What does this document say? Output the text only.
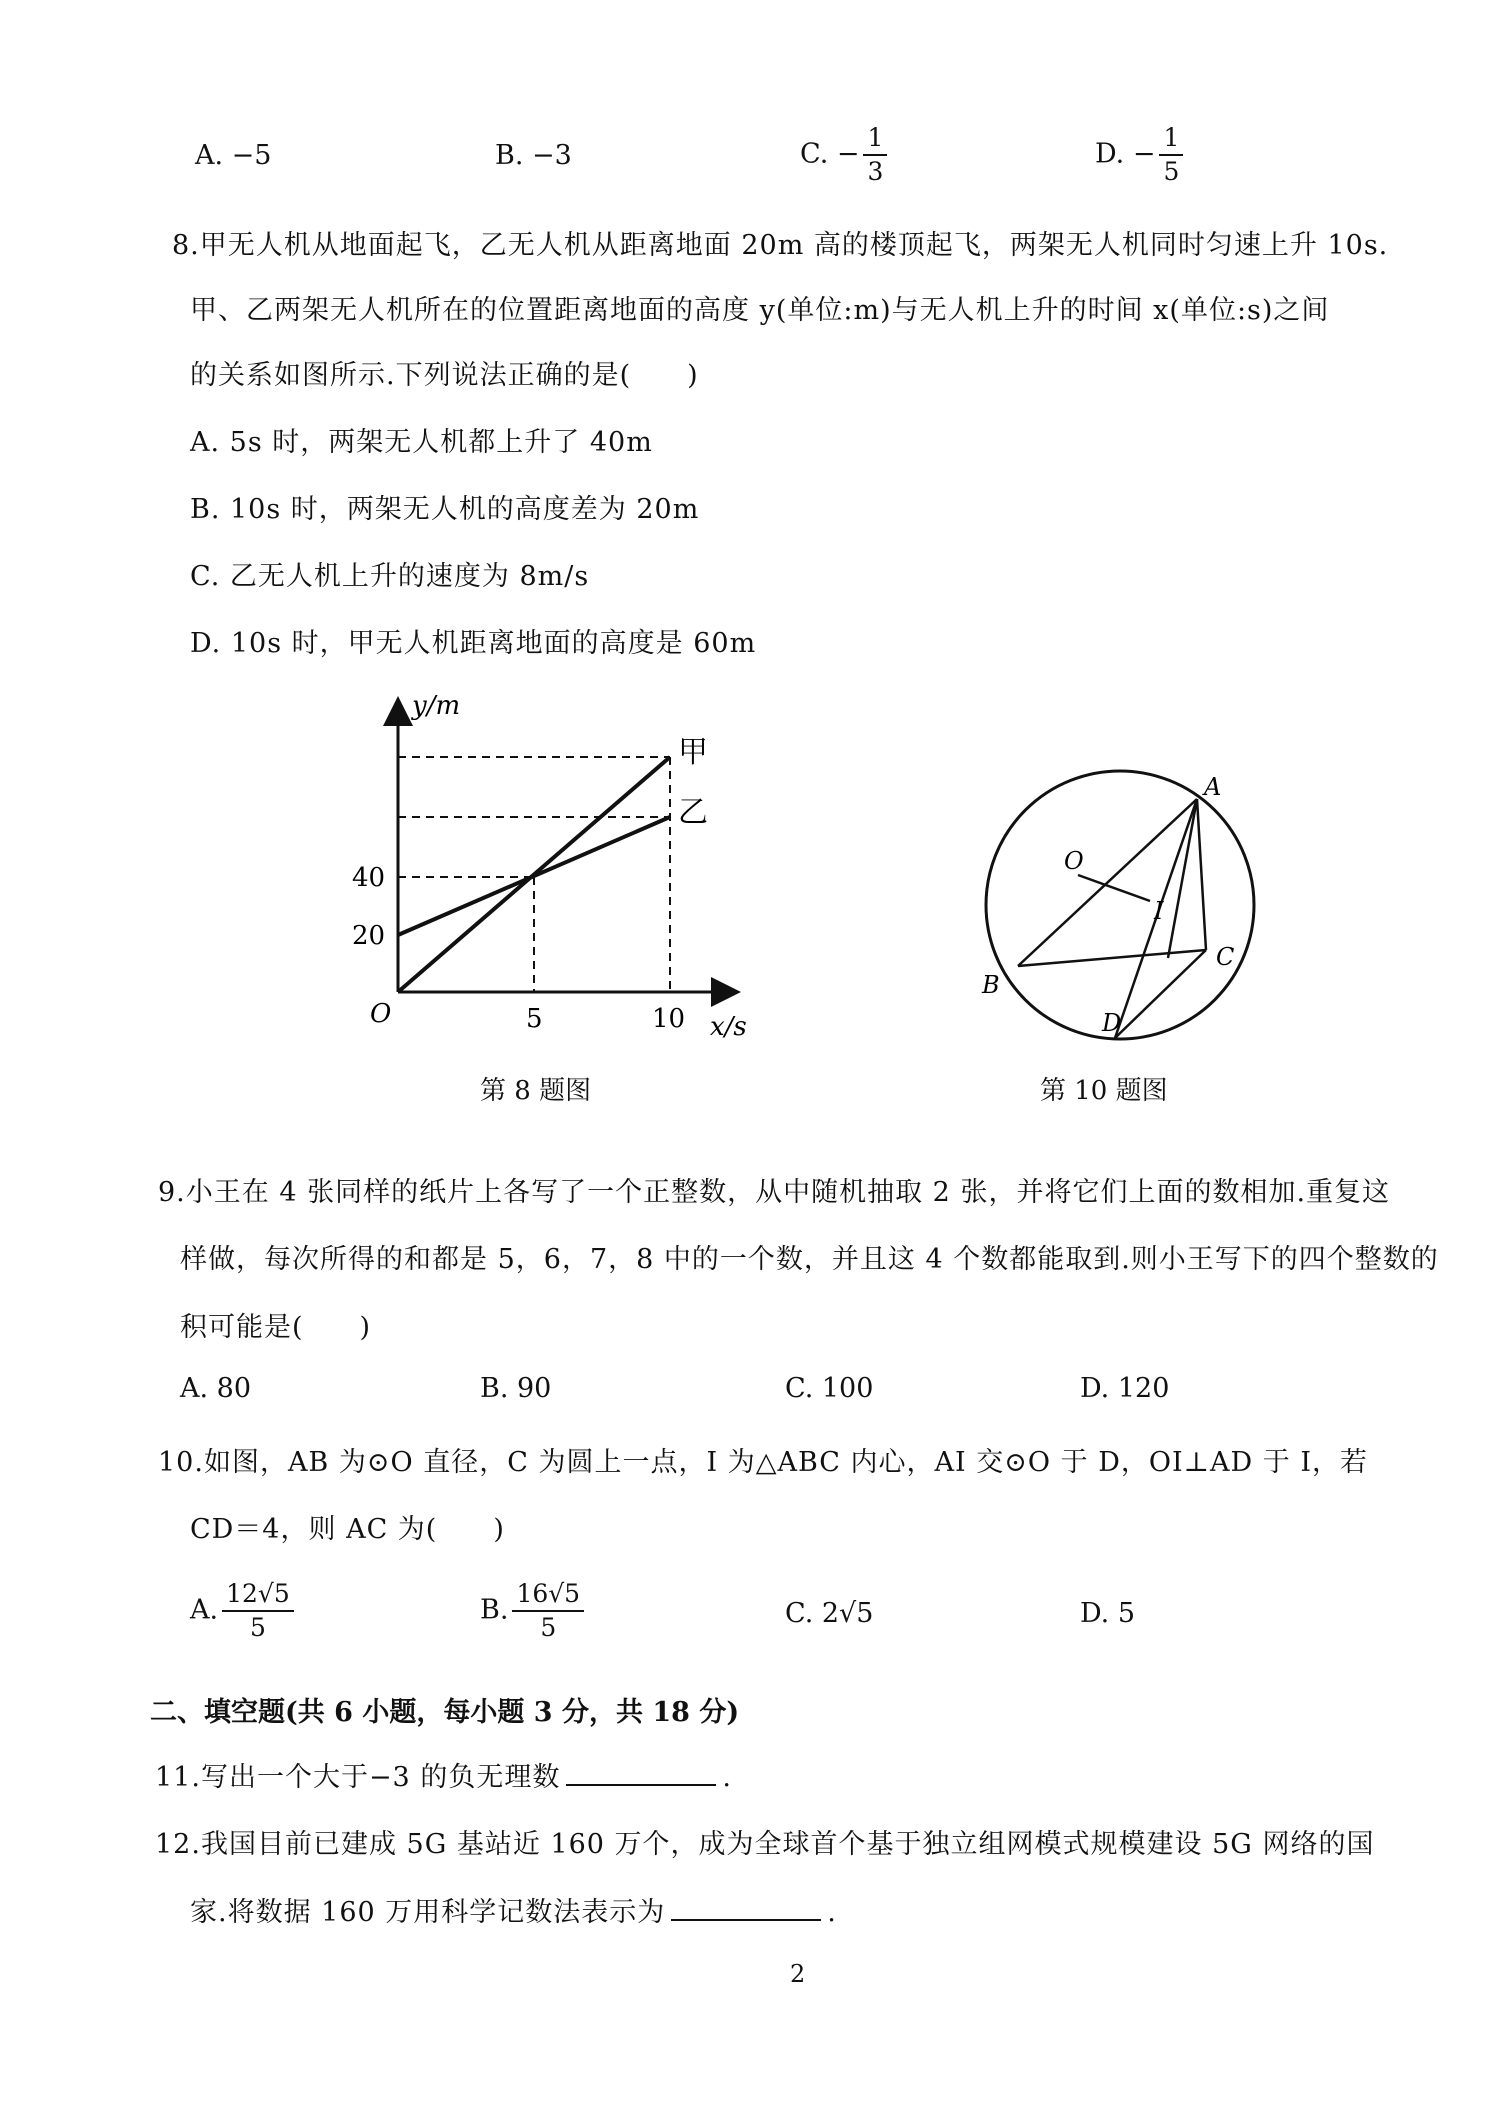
A. −5	B. −3	C. − $\frac{1}{3}$	D. − $\frac{1}{5}$
8.甲无人机从地面起飞，乙无人机从距离地面 20m 高的楼顶起飞，两架无人机同时匀速上升 10s.
甲、乙两架无人机所在的位置距离地面的高度 y(单位:m)与无人机上升的时间 x(单位:s)之间
的关系如图所示.下列说法正确的是(　　)
A. 5s 时，两架无人机都上升了 40m
B. 10s 时，两架无人机的高度差为 20m
C. 乙无人机上升的速度为 8m/s
D. 10s 时，甲无人机距离地面的高度是 60m
y/m
x/s
O
40
20
5	10
甲
乙
第 8 题图
A
O
I
B
C
D
第 10 题图
9.小王在 4 张同样的纸片上各写了一个正整数，从中随机抽取 2 张，并将它们上面的数相加.重复这
样做，每次所得的和都是 5，6，7，8 中的一个数，并且这 4 个数都能取到.则小王写下的四个整数的
积可能是(　　)
A. 80	B. 90	C. 100	D. 120
10.如图，AB 为⊙O 直径，C 为圆上一点，I 为△ABC 内心，AI 交⊙O 于 D，OI⊥AD 于 I，若
CD＝4，则 AC 为(　　)
A. $\frac{12√5}{5}$	B. $\frac{16√5}{5}$	C. 2√5	D. 5
二、填空题(共 6 小题，每小题 3 分，共 18 分)
11.写出一个大于−3 的负无理数	.
12.我国目前已建成 5G 基站近 160 万个，成为全球首个基于独立组网模式规模建设 5G 网络的国
家.将数据 160 万用科学记数法表示为	.
2
